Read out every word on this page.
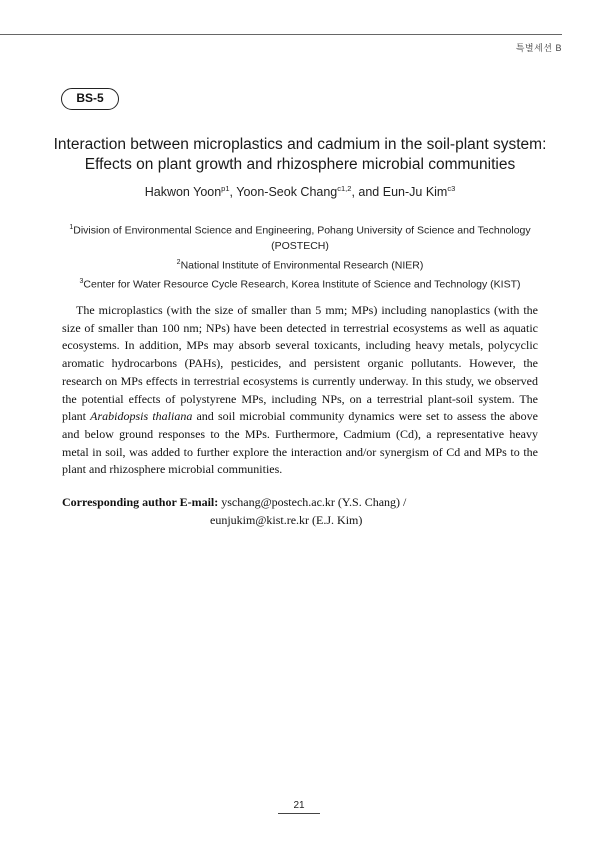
특별세션 B
BS-5
Interaction between microplastics and cadmium in the soil-plant system:
Effects on plant growth and rhizosphere microbial communities
Hakwon Yoon$^{p1}$, Yoon-Seok Chang$^{c1,2}$, and Eun-Ju Kim$^{c3}$
$^1$Division of Environmental Science and Engineering, Pohang University of Science and Technology (POSTECH)
$^2$National Institute of Environmental Research (NIER)
$^3$Center for Water Resource Cycle Research, Korea Institute of Science and Technology (KIST)

The microplastics (with the size of smaller than 5 mm; MPs) including nanoplastics (with the size of smaller than 100 nm; NPs) have been detected in terrestrial ecosystems as well as aquatic ecosystems. In addition, MPs may absorb several toxicants, including heavy metals, polycyclic aromatic hydrocarbons (PAHs), pesticides, and persistent organic pollutants. However, the research on MPs effects in terrestrial ecosystems is currently underway. In this study, we observed the potential effects of polystyrene MPs, including NPs, on a terrestrial plant-soil system. The plant Arabidopsis thaliana and soil microbial community dynamics were set to assess the above and below ground responses to the MPs. Furthermore, Cadmium (Cd), a representative heavy metal in soil, was added to further explore the interaction and/or synergism of Cd and MPs to the plant and rhizosphere microbial communities.

Corresponding author E-mail: yschang@postech.ac.kr (Y.S. Chang) /
eunjukim@kist.re.kr (E.J. Kim)
21
